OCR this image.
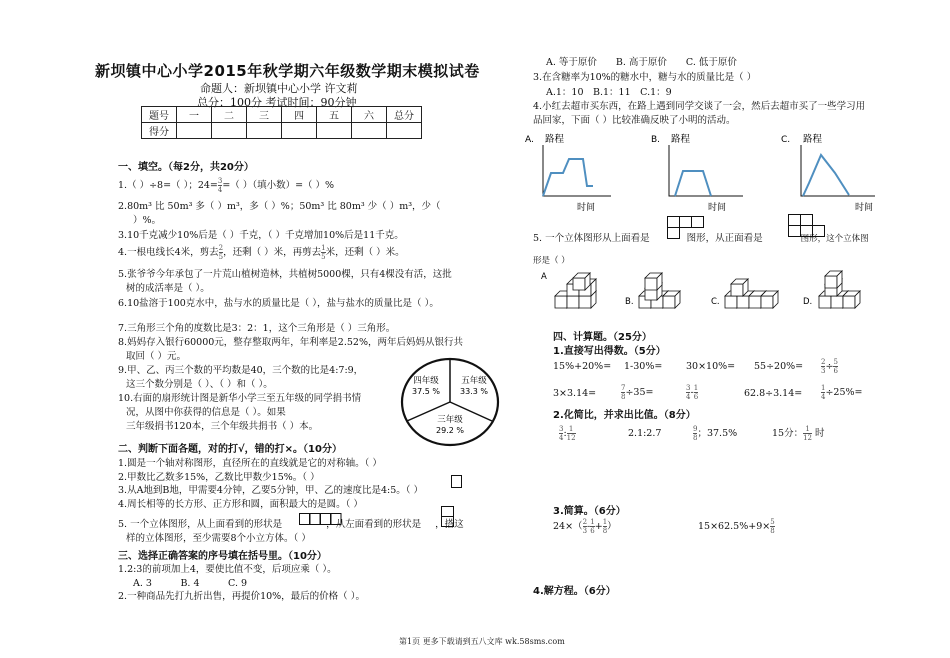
新坝镇中心小学2015年秋学期六年级数学期末模拟试卷
命题人：新坝镇中心小学 许文莉
总分：100分 考试时间：90分钟
题号	一	二	三	四	五	六	总分
得分							
一、填空。（每2分，共20分）
1.（ ）÷8=（ ）；$24= \frac{3}{4}$ =（ ）（填小数）=（ ）%
2.80m³ 比 50m³ 多（ ）m³，多（ ）%；50m³ 比 80m³ 少（ ）m³，少（
）%。
3.10千克减少10%后是（ ）千克，（ ）千克增加10%后是11千克。
4.一根电线长4米，剪去 $\frac{2}{5}$ ，还剩（ ）米，再剪去 $\frac{1}{5}$ 米，还剩（ ）米。
5.张爷爷今年承包了一片荒山植树造林，共植树5000棵，只有4棵没有活，这批
树的成活率是（ ）。
6.10盐溶于100克水中，盐与水的质量比是（ ），盐与盐水的质量比是（ ）。
7.三角形三个角的度数比是3：2：1，这个三角形是（ ）三角形。
8.妈妈存入银行60000元，整存整取两年，年利率是2.52%，两年后妈妈从银行共
取回（ ）元。
9.甲、乙、丙三个数的平均数是40，三个数的比是4:7:9，
这三个数分别是（ ）、（ ）和（ ）。
10.右面的扇形统计图是新华小学三至五年级的同学捐书情
况，从图中你获得的信息是（ ）。如果
三年级捐书120本，三个年级共捐书（ ）本。
四年级
37.5 %
五年级
33.3 %
三年级
29.2 %
二、判断下面各题，对的打√，错的打×。（10分）
1.圆是一个轴对称图形，直径所在的直线就是它的对称轴。（ ）
2.甲数比乙数多15%，乙数比甲数少15%。（ ）
3.从A地到B地，甲需要4分钟，乙要5分钟，甲、乙的速度比是4:5。（ ）
4.周长相等的长方形、正方形和圆，面积最大的是圆。（ ）
5. 一个立体图形，从上面看到的形状是	，从左面看到的形状是 ，搭这
样的立体图形，至少需要8个小立方体。（ ）
三、选择正确答案的序号填在括号里。（10分）
1.2:3的前项加上4，要使比值不变，后项应乘（ ）。
A. 3　　　B. 4　　　C. 9
2.一种商品先打九折出售，再提价10%，最后的价格（ ）。
A. 等于原价　　B. 高于原价　　C. 低于原价
3.在含糖率为10%的糖水中，糖与水的质量比是（ ）
A.1：10　B.1：11　C.1：9
4.小红去超市买东西，在路上遇到同学交谈了一会，然后去超市买了一些学习用
品回家，下面（ ）比较准确反映了小明的活动。
A. 路程
时间
B. 路程
时间
C. 路程
时间
5. 一个立体图形从上面看是	图形，从正面看是	图形，这个立体图
形是（ ）
A
B.	C.	D.
四、计算题。（25分）
1.直接写出得数。（5分）
15%+20%= 1-30%= 30×10%= 55÷20%=	$\frac{2}{3} \div \frac{5}{6}$
3×3.14=	$\frac{7}{8} \div 35=$	$\frac{3}{4} - \frac{1}{6}$	62.8÷3.14=	$\frac{1}{4} \div 25\%=$
2.化简比，并求出比值。（8分）
$\frac{3}{4}$ : $\frac{1}{12}$	2.1:2.7	$\frac{9}{8}$ ；37.5%	15分： $\frac{1}{12}$ 时
3.简算。（6分）
$24\times( \frac{2}{3} - \frac{1}{6} + \frac{1}{8}$ ）	$15\times 62.5\%+9\times \frac{5}{8}$
4.解方程。（6分）
第1页 更多下载请到五八文库 wk.58sms.com
